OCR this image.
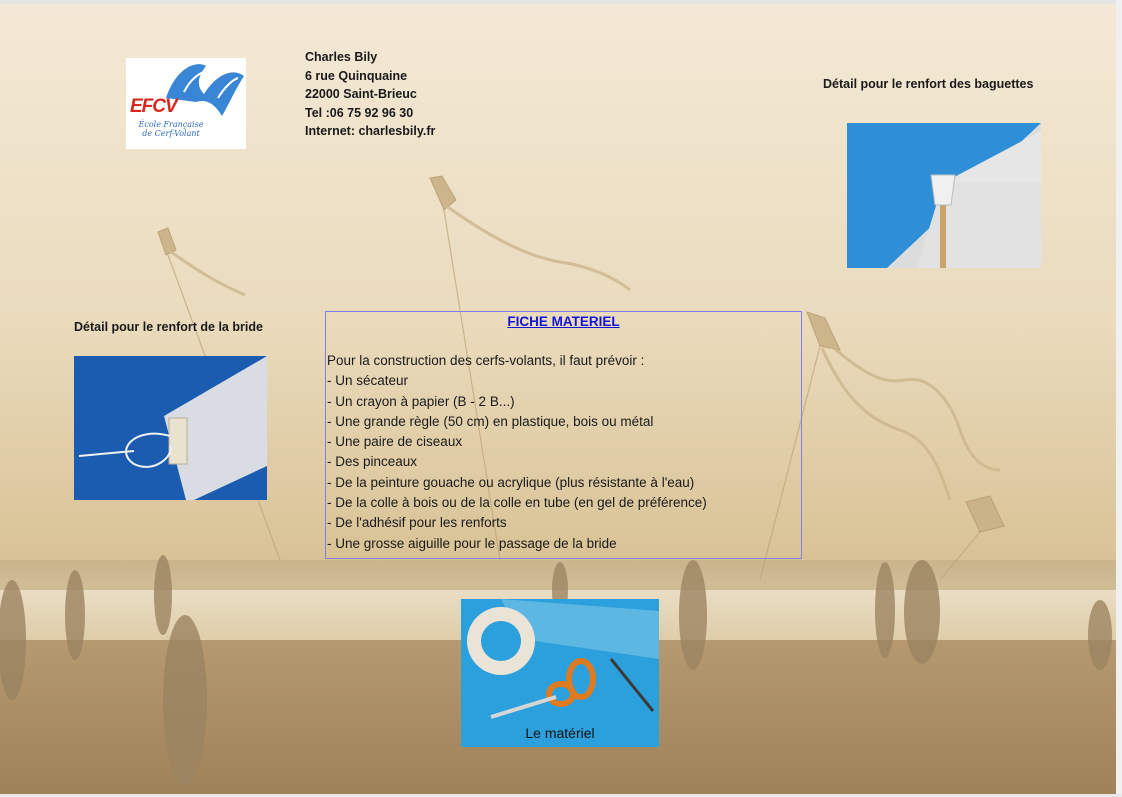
EFCV
École Française
de Cerf-Volant
Charles Bily
6 rue Quinquaine
22000 Saint-Brieuc
Tel :06 75 92 96 30
Internet: charlesbily.fr
Détail pour le renfort des baguettes
Détail pour le renfort de la bride	FICHE MATERIEL
Pour la construction des cerfs-volants, il faut prévoir :
- Un sécateur
- Un crayon à papier (B - 2 B...)
- Une grande règle (50 cm) en plastique, bois ou métal
- Une paire de ciseaux
- Des pinceaux
- De la peinture gouache ou acrylique (plus résistante à l'eau)
- De la colle à bois ou de la colle en tube (en gel de préférence)
- De l'adhésif pour les renforts
- Une grosse aiguille pour le passage de la bride
Le matériel
